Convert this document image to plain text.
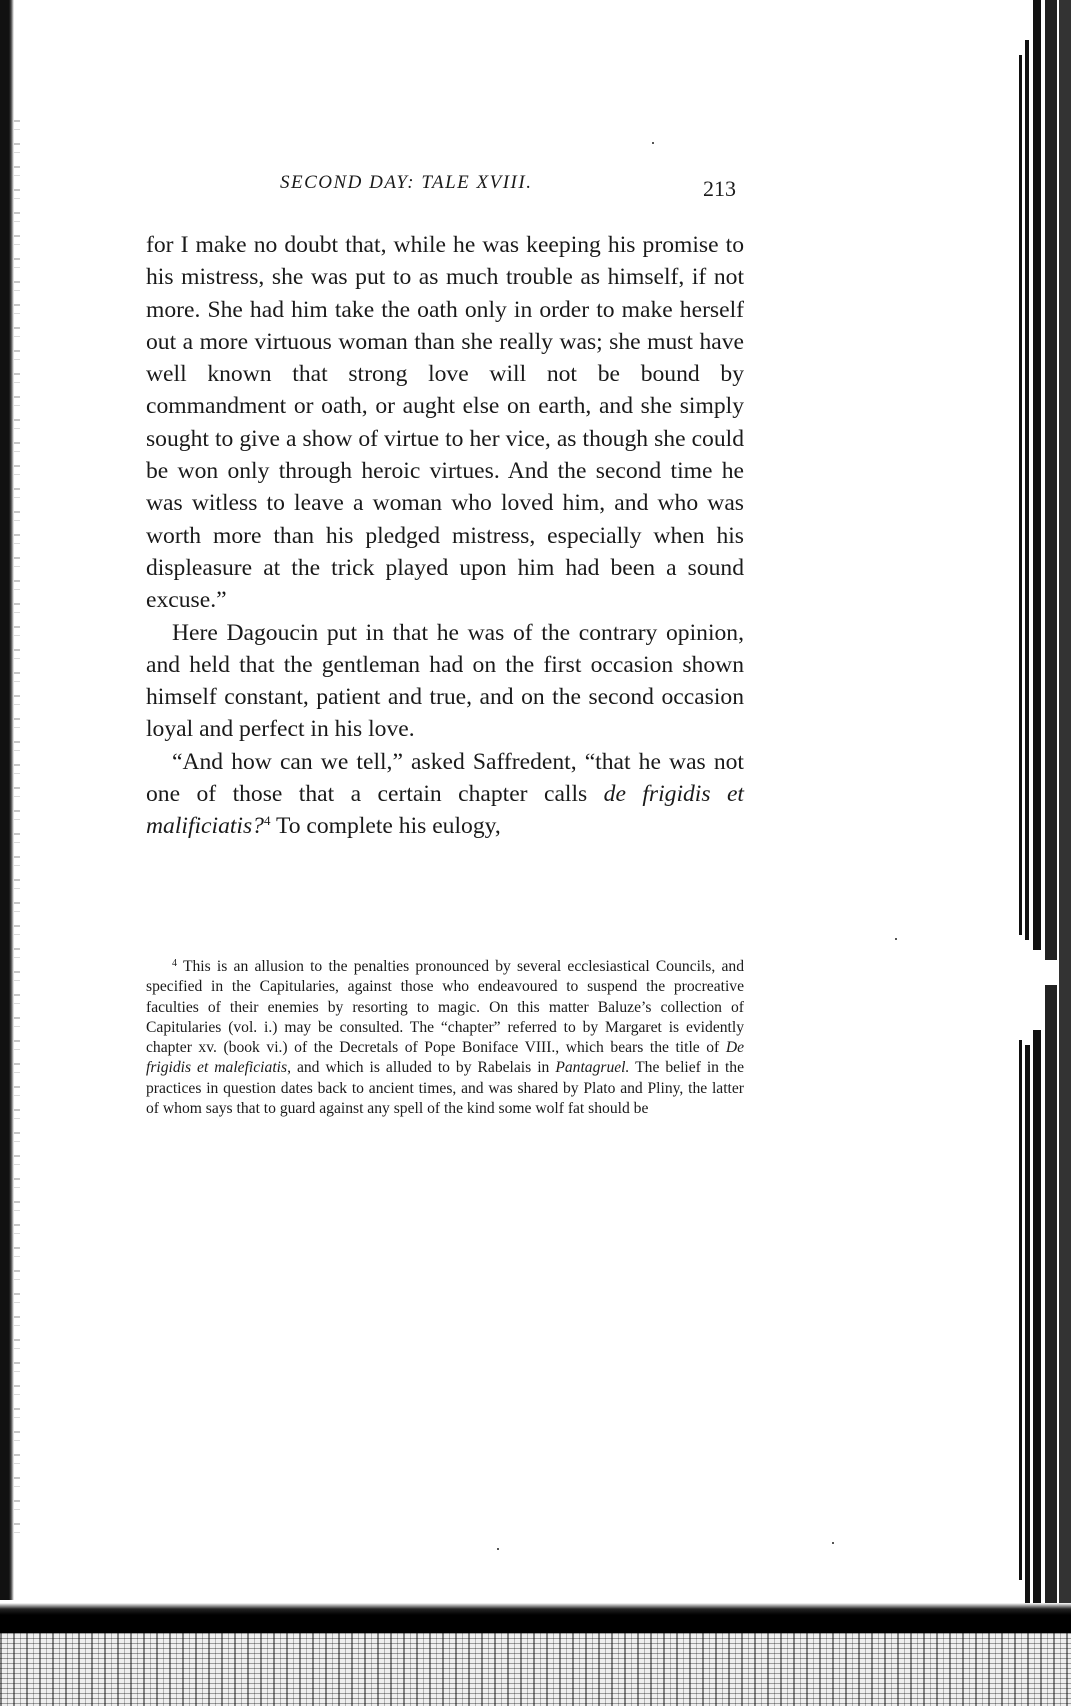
SECOND DAY: TALE XVIII.	213

for I make no doubt that, while he was keeping his promise to his mistress, she was put to as much trouble as himself, if not more. She had him take the oath only in order to make herself out a more virtuous woman than she really was; she must have well known that strong love will not be bound by commandment or oath, or aught else on earth, and she simply sought to give a show of virtue to her vice, as though she could be won only through heroic virtues. And the second time he was witless to leave a woman who loved him, and who was worth more than his pledged mistress, especially when his displeasure at the trick played upon him had been a sound excuse.”

Here Dagoucin put in that he was of the contrary opinion, and held that the gentleman had on the first occasion shown himself constant, patient and true, and on the second occasion loyal and perfect in his love.

“And how can we tell,” asked Saffredent, “that he was not one of those that a certain chapter calls de frigidis et malificiatis?$^4$ To complete his eulogy,

$^4$ This is an allusion to the penalties pronounced by several ecclesiastical Councils, and specified in the Capitularies, against those who endeavoured to suspend the procreative faculties of their enemies by resorting to magic. On this matter Baluze’s collection of Capitularies (vol. i.) may be consulted. The “chapter” referred to by Margaret is evidently chapter xv. (book vi.) of the Decretals of Pope Boniface VIII., which bears the title of De frigidis et maleficiatis, and which is alluded to by Rabelais in Pantagruel. The belief in the practices in question dates back to ancient times, and was shared by Plato and Pliny, the latter of whom says that to guard against any spell of the kind some wolf fat should be
